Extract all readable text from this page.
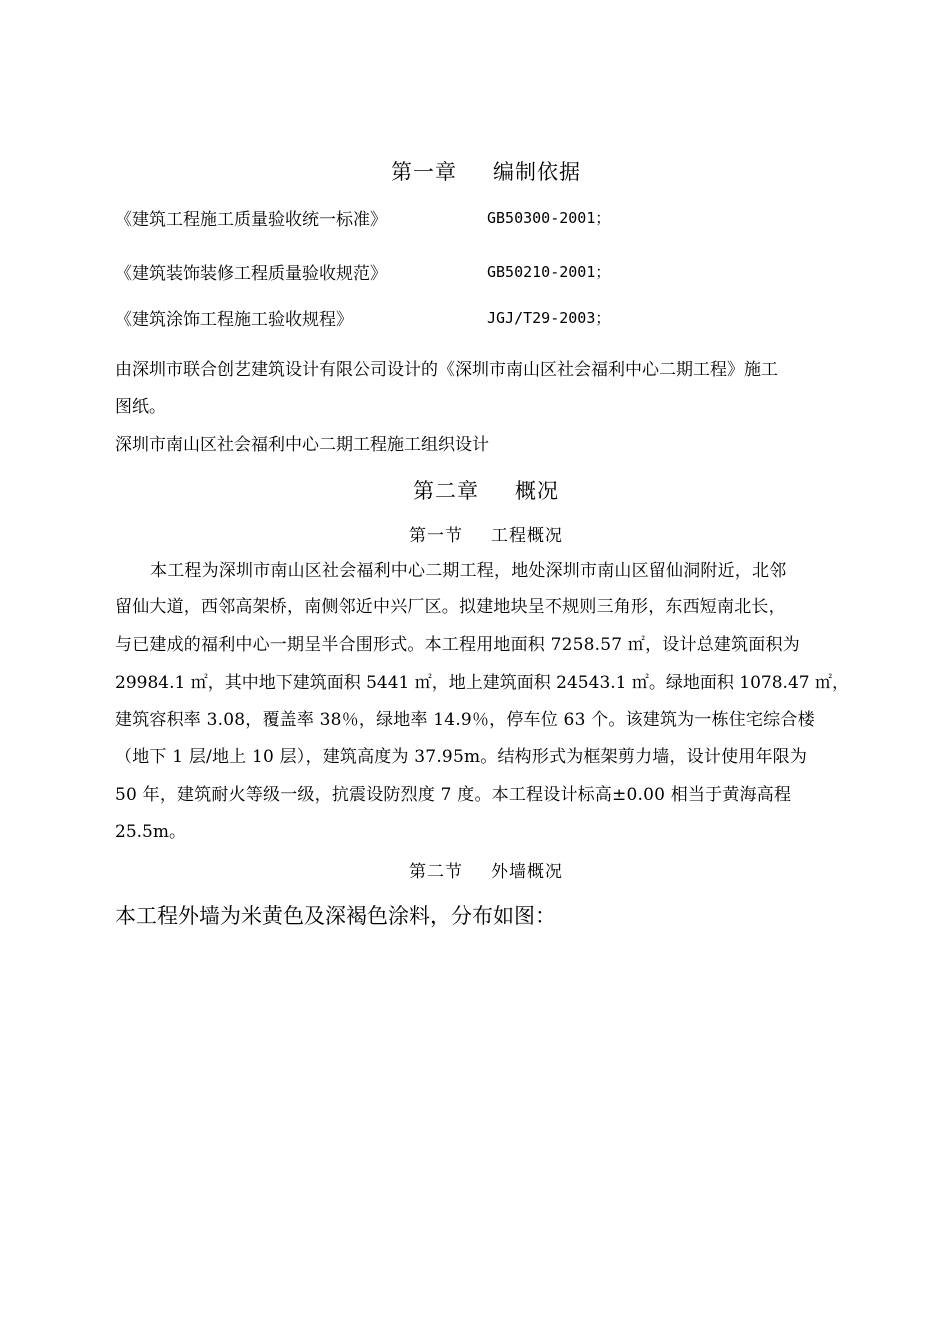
第一章 编制依据
《建筑工程施工质量验收统一标准》	GB50300-2001；
《建筑装饰装修工程质量验收规范》	GB50210-2001；
《建筑涂饰工程施工验收规程》	JGJ/T29-2003；
由深圳市联合创艺建筑设计有限公司设计的《深圳市南山区社会福利中心二期工程》施工
图纸。
深圳市南山区社会福利中心二期工程施工组织设计
第二章 概况
第一节 工程概况
本工程为深圳市南山区社会福利中心二期工程，地处深圳市南山区留仙洞附近，北邻
留仙大道，西邻高架桥，南侧邻近中兴厂区。拟建地块呈不规则三角形，东西短南北长，
与已建成的福利中心一期呈半合围形式。本工程用地面积 7258.57 ㎡，设计总建筑面积为
29984.1 ㎡，其中地下建筑面积 5441 ㎡，地上建筑面积 24543.1 ㎡。绿地面积 1078.47 ㎡，
建筑容积率 3.08，覆盖率 38％，绿地率 14.9％，停车位 63 个。该建筑为一栋住宅综合楼
（地下 1 层/地上 10 层），建筑高度为 37.95m。结构形式为框架剪力墙，设计使用年限为
50 年，建筑耐火等级一级，抗震设防烈度 7 度。本工程设计标高±0.00 相当于黄海高程
25.5m。
第二节 外墙概况
本工程外墙为米黄色及深褐色涂料，分布如图：
